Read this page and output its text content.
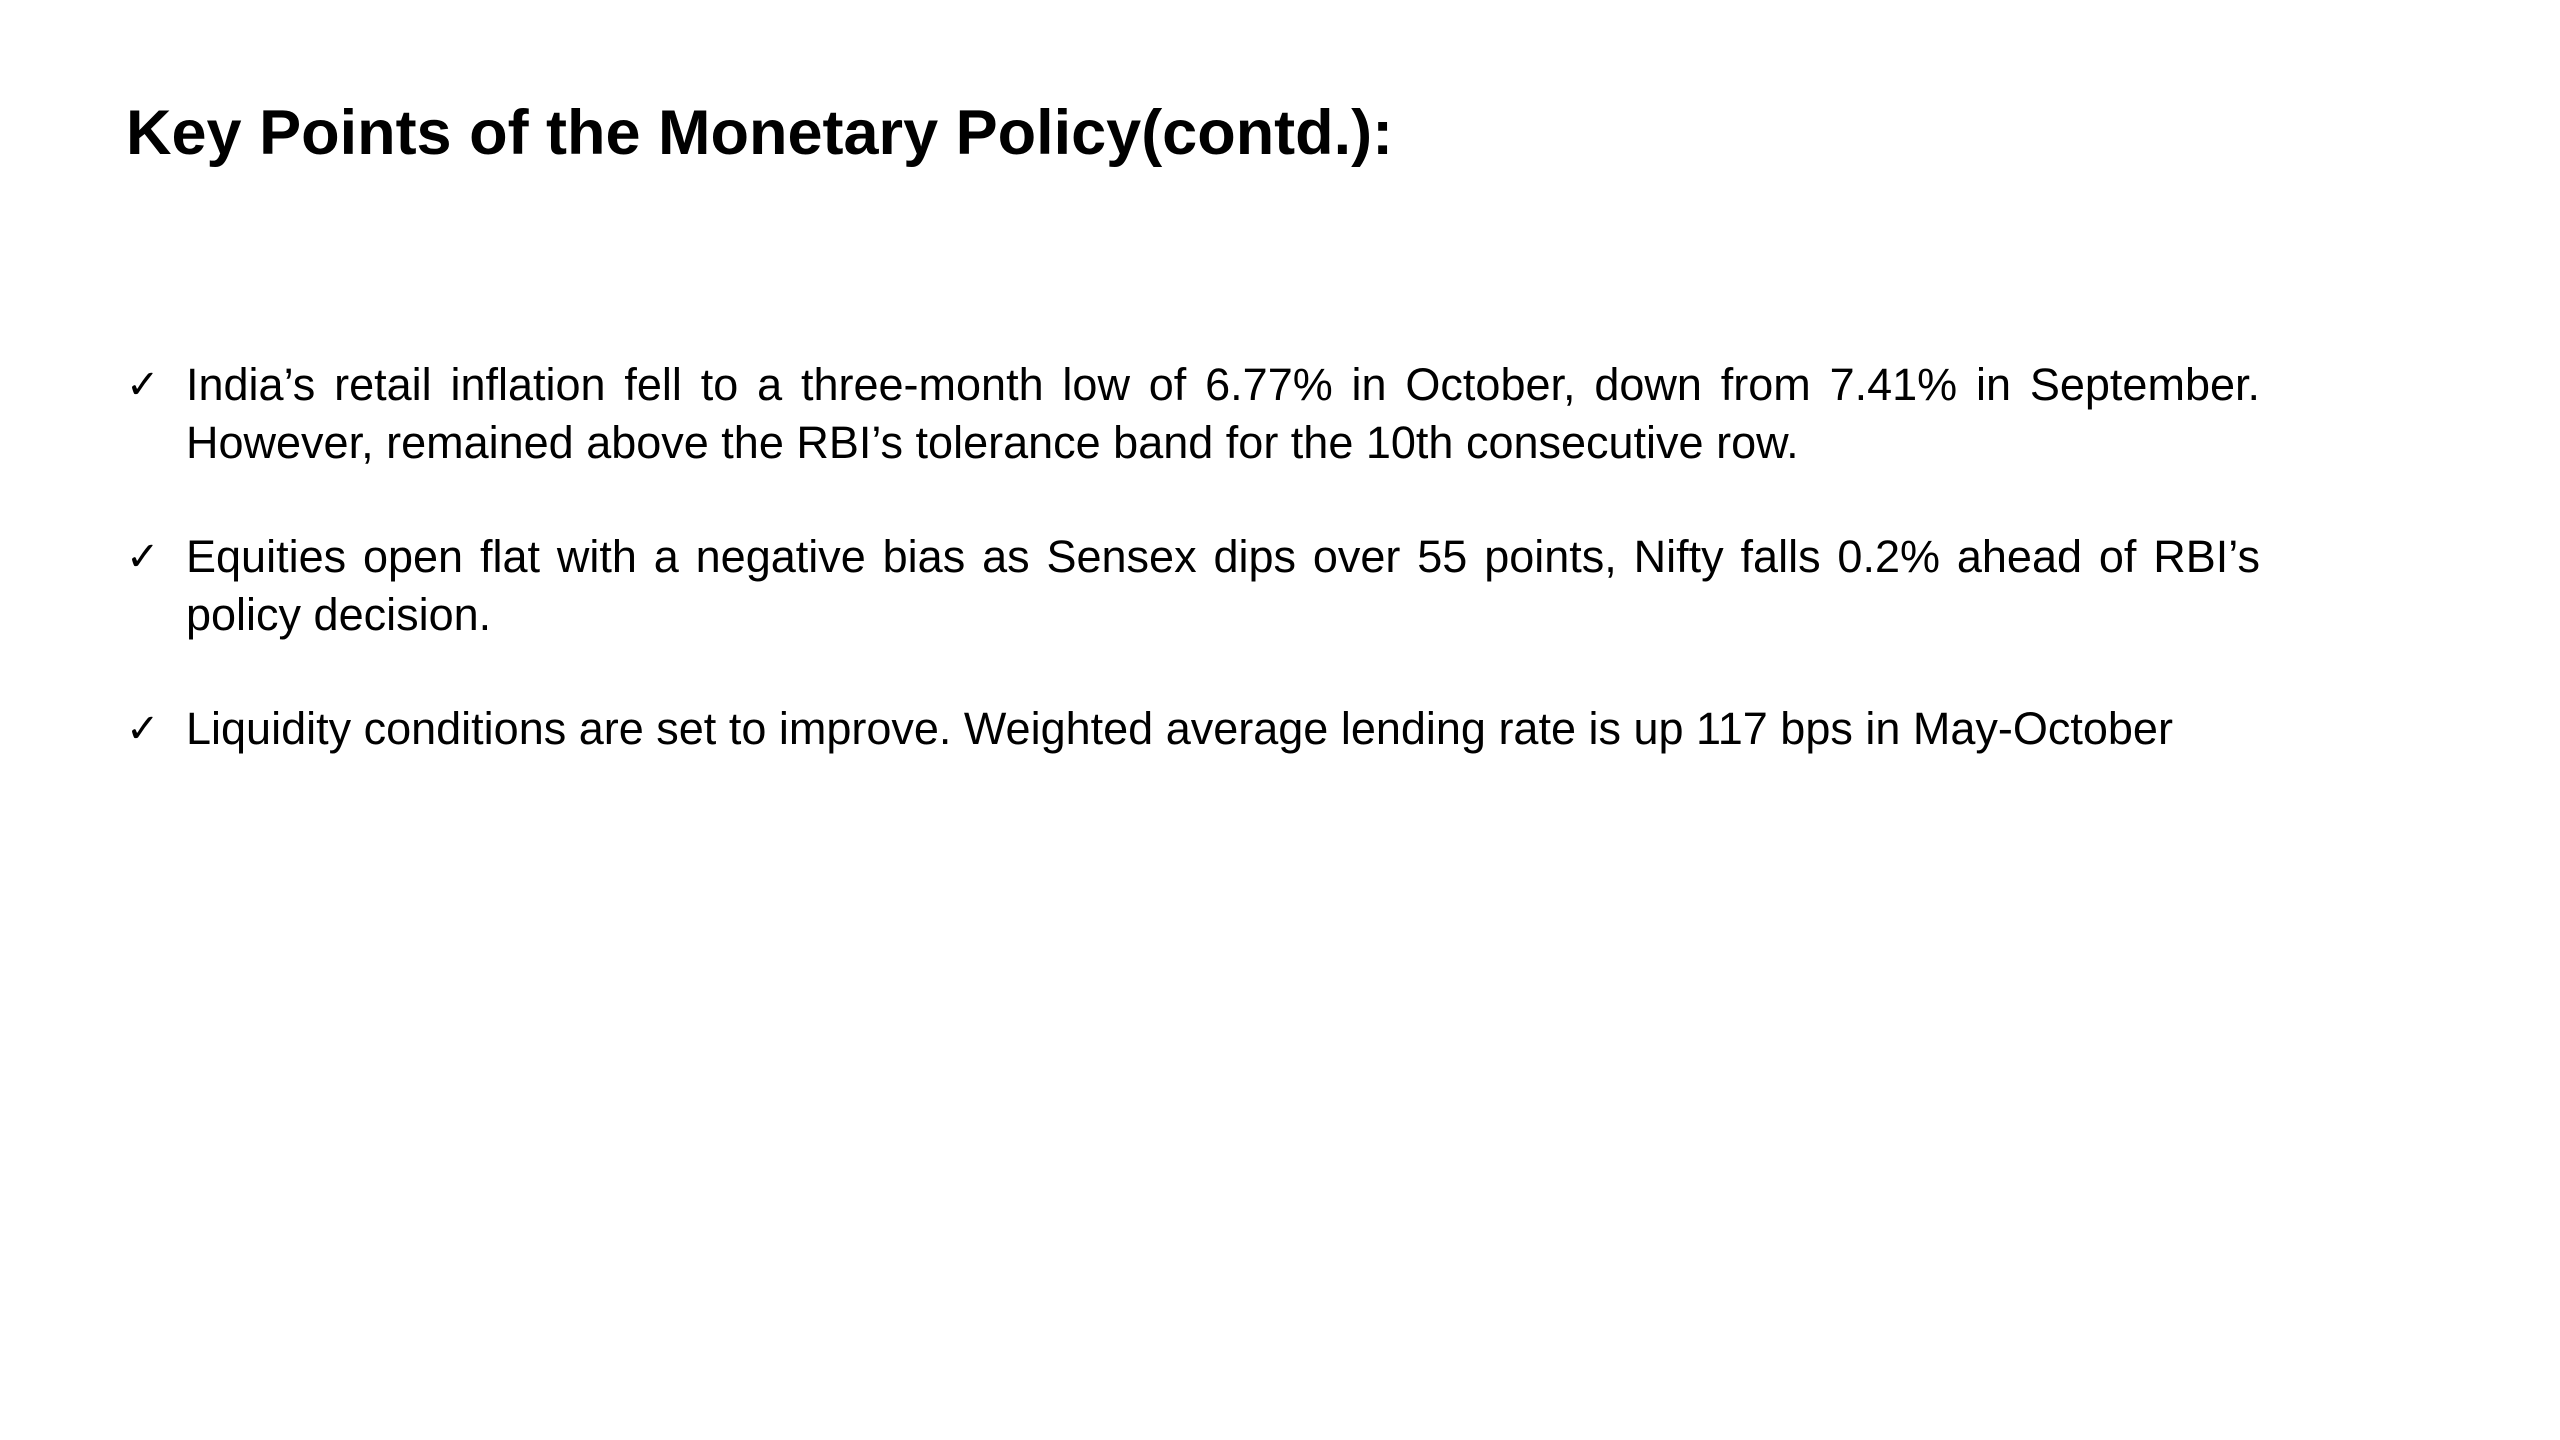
Key Points of the Monetary Policy(contd.):
✓ India’s retail inflation fell to a three-month low of 6.77% in October, down from 7.41% in September. However, remained above the RBI’s tolerance band for the 10th consecutive row.
✓ Equities open flat with a negative bias as Sensex dips over 55 points, Nifty falls 0.2% ahead of RBI’s policy decision.
✓ Liquidity conditions are set to improve. Weighted average lending rate is up 117 bps in May-October
